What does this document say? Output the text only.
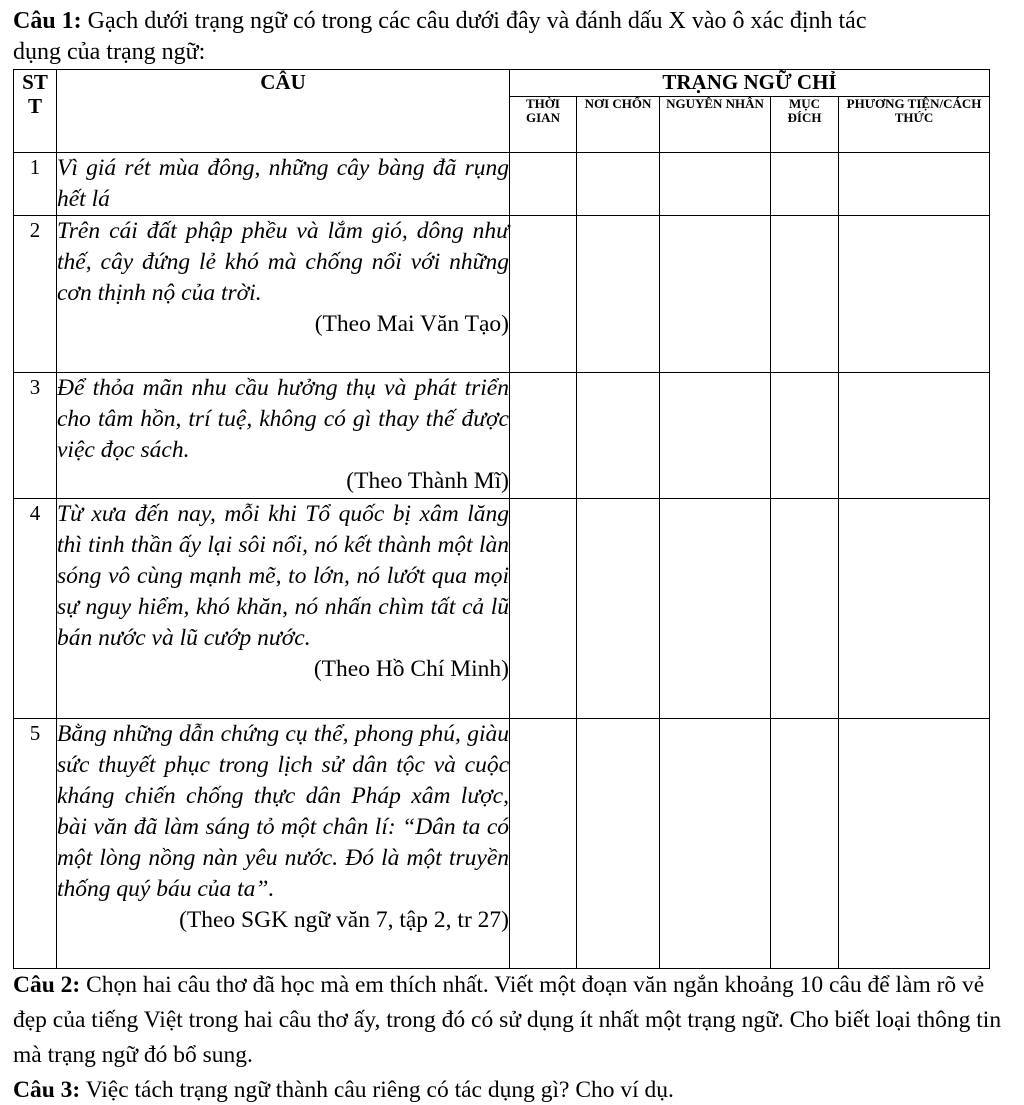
Câu 1: Gạch dưới trạng ngữ có trong các câu dưới đây và đánh dấu X vào ô xác định tác
dụng của trạng ngữ:
ST
T	CÂU	TRẠNG NGỮ CHỈ				
		THỜI GIAN	NƠI CHỐN	NGUYÊN NHÂN	MỤC ĐÍCH	PHƯƠNG TIỆN/CÁCH THỨC
1	Vì giá rét mùa đông, những cây bàng đã rụng hết lá					

2	Trên cái đất phập phều và lắm gió, dông như thế, cây đứng lẻ khó mà chống nổi với những cơn thịnh nộ của trời.
(Theo Mai Văn Tạo)					

3	Để thỏa mãn nhu cầu hưởng thụ và phát triển cho tâm hồn, trí tuệ, không có gì thay thế được việc đọc sách.
(Theo Thành Mĩ)					

4	Từ xưa đến nay, mỗi khi Tổ quốc bị xâm lăng thì tinh thần ấy lại sôi nổi, nó kết thành một làn sóng vô cùng mạnh mẽ, to lớn, nó lướt qua mọi sự nguy hiểm, khó khăn, nó nhấn chìm tất cả lũ bán nước và lũ cướp nước.
(Theo Hồ Chí Minh)					

5	Bằng những dẫn chứng cụ thể, phong phú, giàu sức thuyết phục trong lịch sử dân tộc và cuộc kháng chiến chống thực dân Pháp xâm lược, bài văn đã làm sáng tỏ một chân lí: “Dân ta có một lòng nồng nàn yêu nước. Đó là một truyền thống quý báu của ta”.
(Theo SGK ngữ văn 7, tập 2, tr 27)					

Câu 2: Chọn hai câu thơ đã học mà em thích nhất. Viết một đoạn văn ngắn khoảng 10 câu để làm rõ vẻ đẹp của tiếng Việt trong hai câu thơ ấy, trong đó có sử dụng ít nhất một trạng ngữ. Cho biết loại thông tin mà trạng ngữ đó bổ sung.
Câu 3: Việc tách trạng ngữ thành câu riêng có tác dụng gì? Cho ví dụ.
